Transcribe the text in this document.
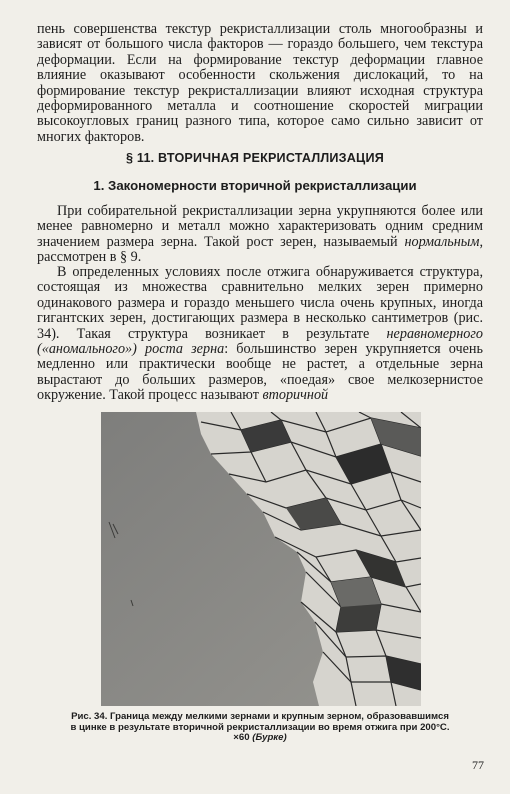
пень совершенства текстур рекристаллизации столь многообразны и зависят от большого числа факторов — гораздо большего, чем текстура деформации. Если на формирование текстур деформации главное влияние оказывают особенности скольжения дислокаций, то на формирование текстур рекристаллизации влияют исходная структура деформированного металла и соотношение скоростей миграции высокоугловых границ разного типа, которое само сильно зависит от многих факторов.

§ 11. ВТОРИЧНАЯ РЕКРИСТАЛЛИЗАЦИЯ
1. Закономерности вторичной рекристаллизации

При собирательной рекристаллизации зерна укрупняются более или менее равномерно и металл можно характеризовать одним средним значением размера зерна. Такой рост зерен, называемый нормальным, рассмотрен в § 9.

В определенных условиях после отжига обнаруживается структура, состоящая из множества сравнительно мелких зерен примерно одинакового размера и гораздо меньшего числа очень крупных, иногда гигантских зерен, достигающих размера в несколько сантиметров (рис. 34). Такая структура возникает в результате неравномерного («аномального») роста зерна: большинство зерен укрупняется очень медленно или практически вообще не растет, а отдельные зерна вырастают до больших размеров, «поедая» свое мелкозернистое окружение. Такой процесс называют вторичной

Рис. 34. Граница между мелкими зернами и крупным зерном, образовавшимся в цинке в результате вторичной рекристаллизации во время отжига при 200°С. ×60 (Бурке)

77
